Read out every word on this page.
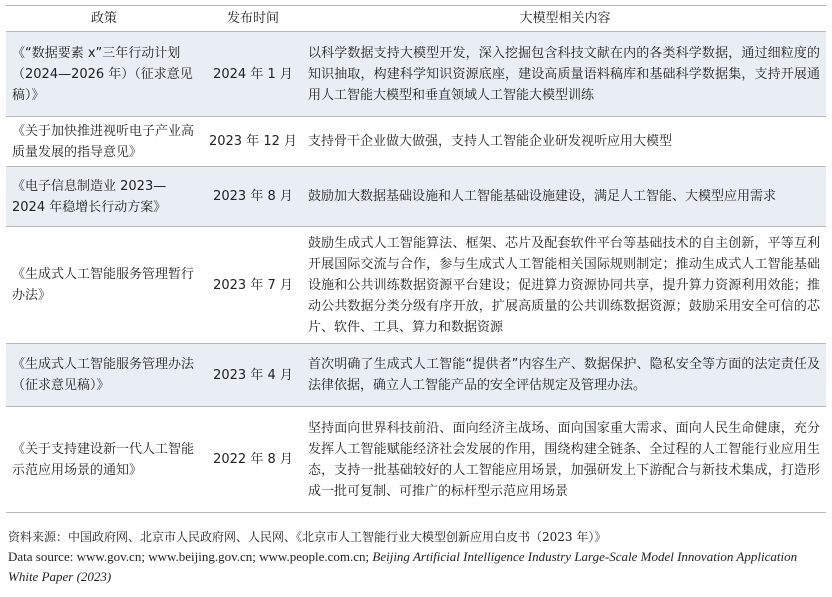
政策	发布时间	大模型相关内容
《“数据要素 x”三年行动计划（2024—2026 年）（征求意见稿）》	2024 年 1 月	以科学数据支持大模型开发，深入挖掘包含科技文献在内的各类科学数据，通过细粒度的知识抽取，构建科学知识资源底座，建设高质量语料稿库和基础科学数据集，支持开展通用人工智能大模型和垂直领域人工智能大模型训练
《关于加快推进视听电子产业高质量发展的指导意见》	2023 年 12 月	支持骨干企业做大做强，支持人工智能企业研发视听应用大模型
《电子信息制造业 2023—2024 年稳增长行动方案》	2023 年 8 月	鼓励加大数据基础设施和人工智能基础设施建设，满足人工智能、大模型应用需求
《生成式人工智能服务管理暂行办法》	2023 年 7 月	鼓励生成式人工智能算法、框架、芯片及配套软件平台等基础技术的自主创新，平等互利开展国际交流与合作，参与生成式人工智能相关国际规则制定；推动生成式人工智能基础设施和公共训练数据资源平台建设；促进算力资源协同共享，提升算力资源利用效能；推动公共数据分类分级有序开放，扩展高质量的公共训练数据资源；鼓励采用安全可信的芯片、软件、工具、算力和数据资源
《生成式人工智能服务管理办法（征求意见稿）》	2023 年 4 月	首次明确了生成式人工智能“提供者”内容生产、数据保护、隐私安全等方面的法定责任及法律依据，确立人工智能产品的安全评估规定及管理办法。
《关于支持建设新一代人工智能示范应用场景的通知》	2022 年 8 月	坚持面向世界科技前沿、面向经济主战场、面向国家重大需求、面向人民生命健康，充分发挥人工智能赋能经济社会发展的作用，围绕构建全链条、全过程的人工智能行业应用生态，支持一批基础较好的人工智能应用场景，加强研发上下游配合与新技术集成，打造形成一批可复制、可推广的标杆型示范应用场景
资料来源：中国政府网、北京市人民政府网、人民网、《北京市人工智能行业大模型创新应用白皮书（2023 年）》
Data source: www.gov.cn; www.beijing.gov.cn; www.people.com.cn; Beijing Artificial Intelligence Industry Large-Scale Model Innovation Application White Paper (2023)
